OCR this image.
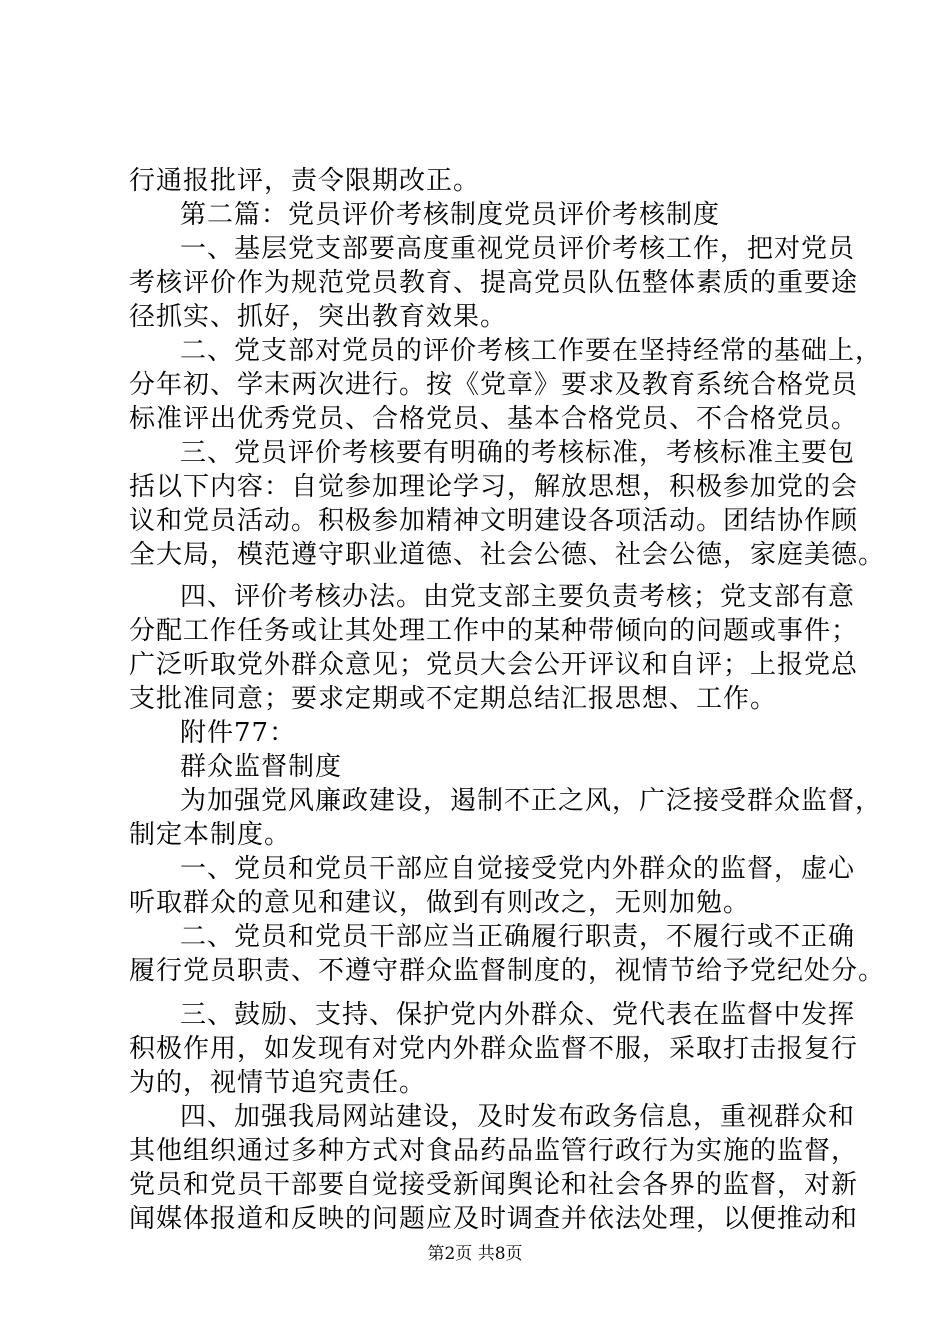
行通报批评，责令限期改正。
第二篇：党员评价考核制度党员评价考核制度
一、基层党支部要高度重视党员评价考核工作，把对党员
考核评价作为规范党员教育、提高党员队伍整体素质的重要途
径抓实、抓好，突出教育效果。
二、党支部对党员的评价考核工作要在坚持经常的基础上，
分年初、学末两次进行。按《党章》要求及教育系统合格党员
标准评出优秀党员、合格党员、基本合格党员、不合格党员。
三、党员评价考核要有明确的考核标准，考核标准主要包
括以下内容：自觉参加理论学习，解放思想，积极参加党的会
议和党员活动。积极参加精神文明建设各项活动。团结协作顾
全大局，模范遵守职业道德、社会公德、社会公德，家庭美德。
四、评价考核办法。由党支部主要负责考核；党支部有意
分配工作任务或让其处理工作中的某种带倾向的问题或事件；
广泛听取党外群众意见；党员大会公开评议和自评；上报党总
支批准同意；要求定期或不定期总结汇报思想、工作。
附件77：
群众监督制度
为加强党风廉政建设，遏制不正之风，广泛接受群众监督，
制定本制度。
一、党员和党员干部应自觉接受党内外群众的监督，虚心
听取群众的意见和建议，做到有则改之，无则加勉。
二、党员和党员干部应当正确履行职责，不履行或不正确
履行党员职责、不遵守群众监督制度的，视情节给予党纪处分。
三、鼓励、支持、保护党内外群众、党代表在监督中发挥
积极作用，如发现有对党内外群众监督不服，采取打击报复行
为的，视情节追究责任。
四、加强我局网站建设，及时发布政务信息，重视群众和
其他组织通过多种方式对食品药品监管行政行为实施的监督，
党员和党员干部要自觉接受新闻舆论和社会各界的监督，对新
闻媒体报道和反映的问题应及时调查并依法处理，以便推动和
第2页 共8页
